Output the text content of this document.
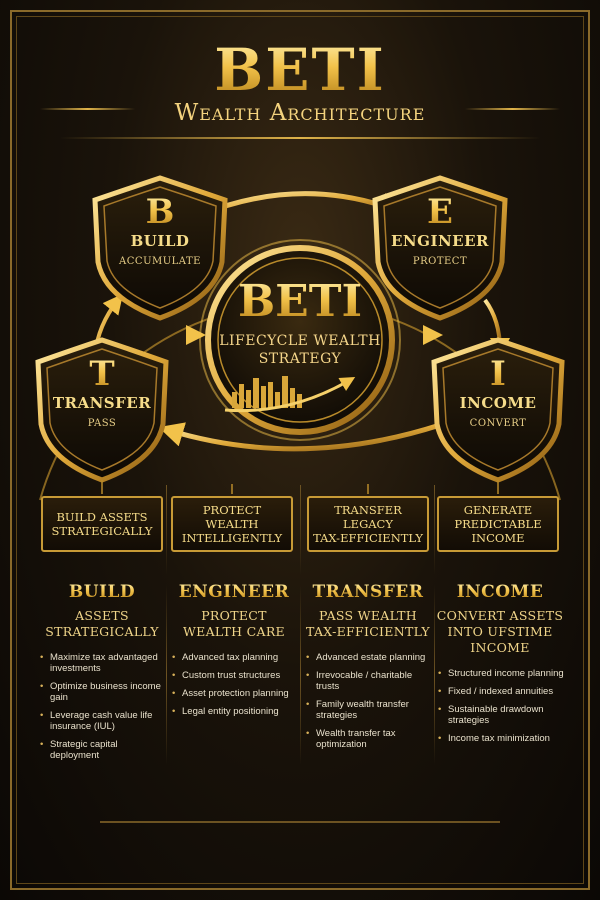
BETI
Wealth Architecture
B
BUILD
ACCUMULATE
E
ENGINEER
PROTECT
T
TRANSFER
PASS
I
INCOME
CONVERT
BETI
LIFECYCLE WEALTH
STRATEGY
BUILD ASSETS
STRATEGICALLY
PROTECT WEALTH
INTELLIGENTLY
TRANSFER LEGACY
TAX-EFFICIENTLY
GENERATE
PREDICTABLE
INCOME
BUILD
ASSETS
STRATEGICALLY
• Maximize tax advantaged investments
• Optimize business income gain
• Leverage cash value life insurance (IUL)
• Strategic capital deployment
ENGINEER
PROTECT
WEALTH CARE
• Advanced tax planning
• Custom trust structures
• Asset protection planning
• Legal entity positioning
TRANSFER
PASS WEALTH
TAX-EFFICIENTLY
• Advanced estate planning
• Irrevocable / charitable trusts
• Family wealth transfer strategies
• Wealth transfer tax optimization
INCOME
CONVERT ASSETS
INTO UFSTIME
INCOME
• Structured income planning
• Fixed / indexed annuities
• Sustainable drawdown strategies
• Income tax minimization
